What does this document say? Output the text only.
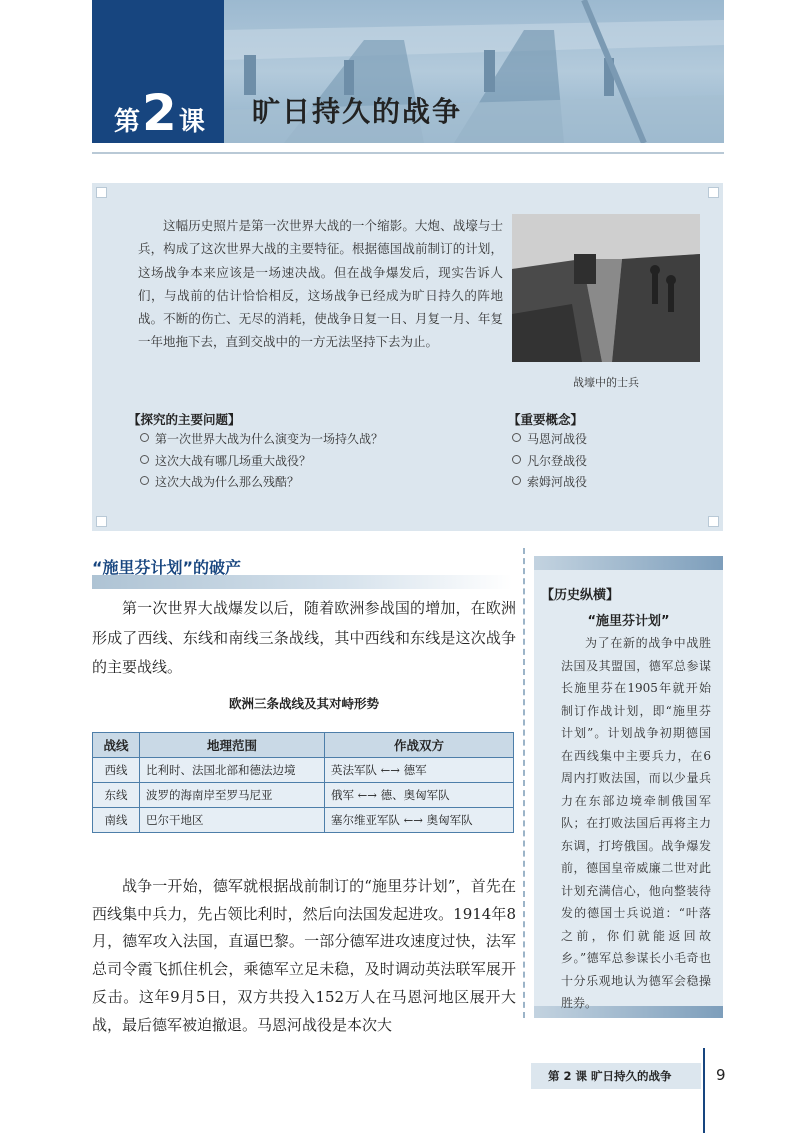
第 2 课 旷日持久的战争
这幅历史照片是第一次世界大战的一个缩影。大炮、战壕与士兵，构成了这次世界大战的主要特征。根据德国战前制订的计划，这场战争本来应该是一场速决战。但在战争爆发后，现实告诉人们，与战前的估计恰恰相反，这场战争已经成为旷日持久的阵地战。不断的伤亡、无尽的消耗，使战争日复一日、月复一月、年复一年地拖下去，直到交战中的一方无法坚持下去为止。
战壕中的士兵
【探究的主要问题】
第一次世界大战为什么演变为一场持久战？
这次大战有哪几场重大战役？
这次大战为什么那么残酷？
【重要概念】
马恩河战役
凡尔登战役
索姆河战役
“施里芬计划”的破产
第一次世界大战爆发以后，随着欧洲参战国的增加，在欧洲形成了西线、东线和南线三条战线，其中西线和东线是这次战争的主要战线。
欧洲三条战线及其对峙形势
战线	地理范围	作战双方
西线	比利时、法国北部和德法边境	英法军队 ←→ 德军
东线	波罗的海南岸至罗马尼亚	俄军 ←→ 德、奥匈军队
南线	巴尔干地区	塞尔维亚军队 ←→ 奥匈军队
战争一开始，德军就根据战前制订的“施里芬计划”，首先在西线集中兵力，先占领比利时，然后向法国发起进攻。1914年8月，德军攻入法国，直逼巴黎。一部分德军进攻速度过快，法军总司令霞飞抓住机会，乘德军立足未稳，及时调动英法联军展开反击。这年9月5日，双方共投入152万人在马恩河地区展开大战，最后德军被迫撤退。马恩河战役是本次大
【历史纵横】
“施里芬计划”
为了在新的战争中战胜法国及其盟国，德军总参谋长施里芬在1905年就开始制订作战计划，即“施里芬计划”。计划战争初期德国在西线集中主要兵力，在6周内打败法国，而以少量兵力在东部边境牵制俄国军队；在打败法国后再将主力东调，打垮俄国。战争爆发前，德国皇帝威廉二世对此计划充满信心，他向整装待发的德国士兵说道：“叶落之前，你们就能返回故乡。”德军总参谋长小毛奇也十分乐观地认为德军会稳操胜券。
第 2 课 旷日持久的战争	9
